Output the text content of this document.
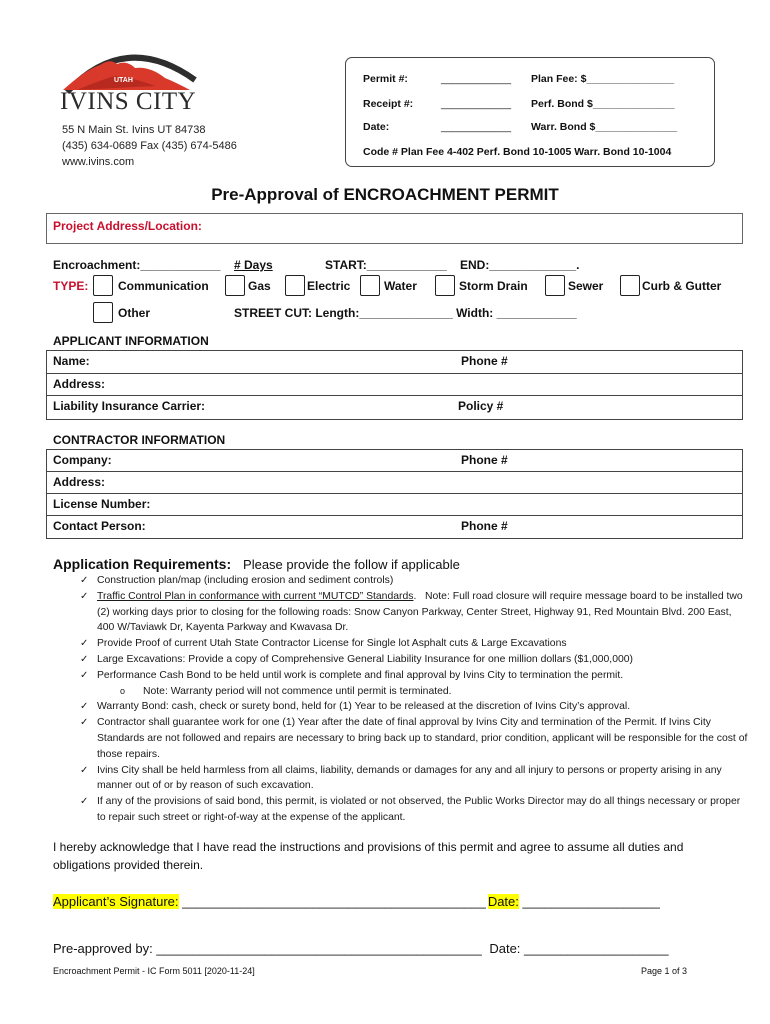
UTAH
IVINS CITY
55 N Main St. Ivins UT 84738
(435) 634-0689 Fax (435) 674-5486
www.ivins.com
Permit #:	____________ Plan Fee: $_______________
Receipt #:	____________ Perf. Bond $______________
Date:	____________ Warr. Bond $______________
Code # Plan Fee 4-402 Perf. Bond 10-1005 Warr. Bond 10-1004
Pre-Approval of ENCROACHMENT PERMIT
Project Address/Location:
Encroachment:____________ # Days	START:____________ END:_____________.
TYPE: Communication	Gas	Electric	Water	Storm Drain	Sewer	Curb & Gutter
Other	STREET CUT: Length:______________ Width: ____________
APPLICANT INFORMATION
Name:	Phone #
Address:
Liability Insurance Carrier:	Policy #
CONTRACTOR INFORMATION
Company:	Phone #
Address:
License Number:
Contact Person:	Phone #
Application Requirements: Please provide the follow if applicable
✓ Construction plan/map (including erosion and sediment controls)
✓ Traffic Control Plan in conformance with current “MUTCD” Standards.   Note: Full road closure will require message board to be installed two (2) working days prior to closing for the following roads: Snow Canyon Parkway, Center Street, Highway 91, Red Mountain Blvd. 200 East, 400 W/Taviawk Dr, Kayenta Parkway and Kwavasa Dr.
✓ Provide Proof of current Utah State Contractor License for Single lot Asphalt cuts & Large Excavations
✓ Large Excavations: Provide a copy of Comprehensive General Liability Insurance for one million dollars ($1,000,000)
✓ Performance Cash Bond to be held until work is complete and final approval by Ivins City to termination the permit.
o Note: Warranty period will not commence until permit is terminated.
✓ Warranty Bond: cash, check or surety bond, held for (1) Year to be released at the discretion of Ivins City’s approval.
✓ Contractor shall guarantee work for one (1) Year after the date of final approval by Ivins City and termination of the Permit. If Ivins City Standards are not followed and repairs are necessary to bring back up to standard, prior condition, applicant will be responsible for the cost of those repairs.
✓ Ivins City shall be held harmless from all claims, liability, demands or damages for any and all injury to persons or property arising in any manner out of or by reason of such excavation.
✓ If any of the provisions of said bond, this permit, is violated or not observed, the Public Works Director may do all things necessary or proper to repair such street or right-of-way at the expense of the applicant.
I hereby acknowledge that I have read the instructions and provisions of this permit and agree to assume all duties and obligations provided therein.
Applicant’s Signature: __________________________________________ Date: ___________________
Pre-approved by: _____________________________________________ Date: ____________________
Encroachment Permit - IC Form 5011 [2020-11-24]	Page 1 of 3
